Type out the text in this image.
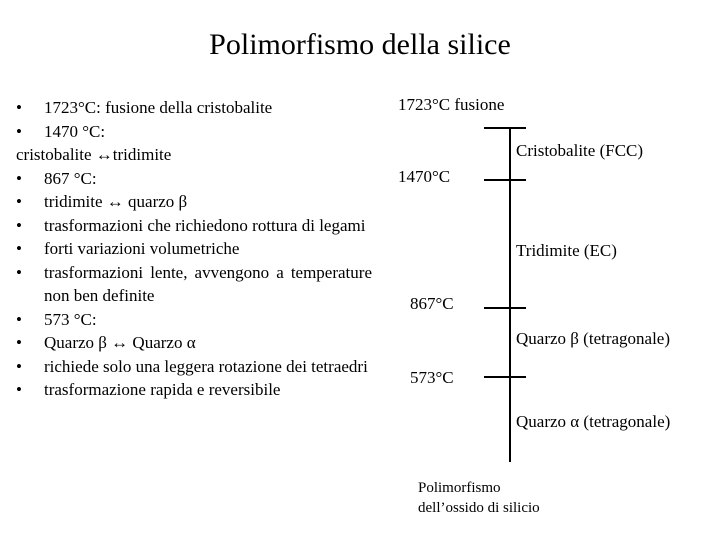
Polimorfismo della silice
• 1723°C: fusione della cristobalite
• 1470 °C:
cristobalite ↔tridimite
• 867 °C:
• tridimite ↔ quarzo β
• trasformazioni che richiedono rottura di legami
• forti variazioni volumetriche
• trasformazioni lente, avvengono a temperature non ben definite
• 573 °C:
• Quarzo β ↔ Quarzo α
• richiede solo una leggera rotazione dei tetraedri
• trasformazione rapida e reversibile
1723°C fusione
1470°C
867°C
573°C
Cristobalite (FCC)
Tridimite (EC)
Quarzo β (tetragonale)
Quarzo α (tetragonale)
Polimorfismo
dell’ossido di silicio
